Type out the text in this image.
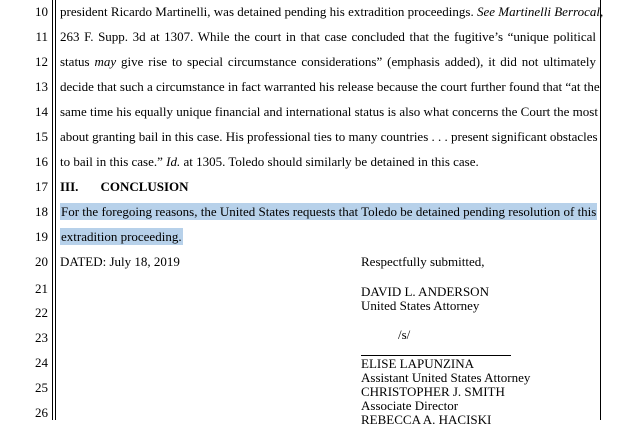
10
11
12
13
14
15
16
17
18
19
20
21
22
23
24
25
26
president Ricardo Martinelli, was detained pending his extradition proceedings. See Martinelli Berrocal,
263 F. Supp. 3d at 1307. While the court in that case concluded that the fugitive’s “unique political
status may give rise to special circumstance considerations” (emphasis added), it did not ultimately
decide that such a circumstance in fact warranted his release because the court further found that “at the
same time his equally unique financial and international status is also what concerns the Court the most
about granting bail in this case. His professional ties to many countries . . . present significant obstacles
to bail in this case.” Id. at 1305. Toledo should similarly be detained in this case.
III. CONCLUSION
For the foregoing reasons, the United States requests that Toledo be detained pending resolution of this
extradition proceeding.
DATED: July 18, 2019	Respectfully submitted,
DAVID L. ANDERSON
United States Attorney
/s/
ELISE LAPUNZINA
Assistant United States Attorney
CHRISTOPHER J. SMITH
Associate Director
REBECCA A. HACISKI
